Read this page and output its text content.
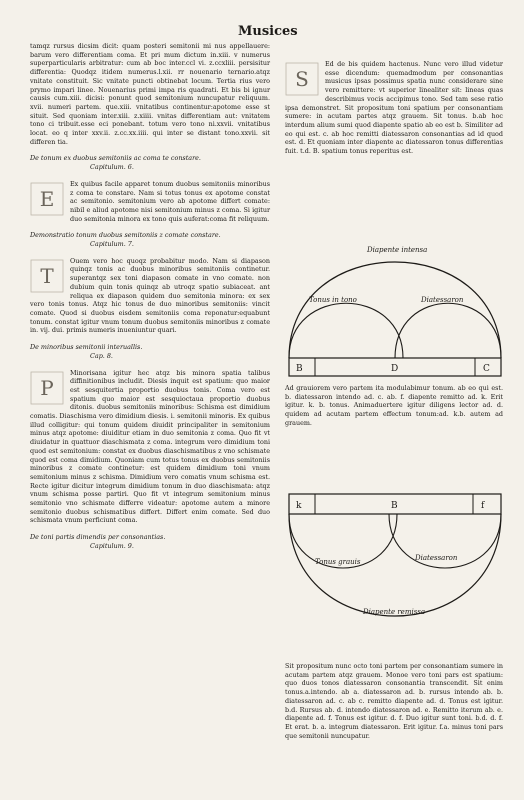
Musices

tamqz rursus dicsim dicit: quam posteri semitonii mi nus appellauere: barum vero differentiam coma. Et pri mum dictum in.xiii. v numerus superparticularis arbitratur: cum ab boc inter.ccl vi. z.ccxliii. persisitur differentia: Quodqz itidem numerus.l.xii. rr nouenario ternario.atqz vnitate constituit. Sic vnitate puncti obtinebat locum. Tertia rius vero prymo impari linee. Nouenarius primi impa ris quadrati. Et bis bi ignur causis cum.xiii. dicisi: ponunt quod semitonium nuncupatur reliquum. xvii. numeri partem. que.xiii. vnitatibus continentur:apotome esse st situit. Sed quoniam inter.xiii. z.xiiii. vnitas differentiam aut: vnitatem tono ci tribuit.esse eci ponebant. totum vero tono ni.xxvii. vnitatibus locat. eo q inter xxv.ii. z.cc.xx.iiii. qui inter se distant tono.xxvii. sit differen tia.

De tonum ex duobus semitoniis ac coma te constare.

Capitulum. 6.

E

Ex quibus facile apparet tonum duobus semitoniis minoribus z coma te constare. Nam si totus tonus ex apotome constat ac semitonio. semitonium vero ab apotome differt comate: nibil e aliud apotome nisi semitonium minus z coma. Si igitur duo semitonia minora ex tono quis auferat:coma fit reliquum.

Demonstratio tonum duobus semitoniis z comate constare.

Capitulum. 7.

T

Ouem vero hoc quoqz probabitur modo. Nam si diapason quinqz tonis ac duobus minoribus semitoniis continetur. superantqz sex toni diapason comate in vno comate. non dubium quin tonis quinqz ab utroqz spatio subiaceat. ant reliqua ex diapason quidem duo semitonia minora: ex sex vero tonis tonus. Atqz hic tonus de duo minoribus semitoniis: vincit comate. Quod si duobus eisdem semitoniis coma reponatur:equabunt tonum. constat igitur vnum tonum duobus semitoniis minoribus z comate in. vij. dui. primis numeris inueniuntur quari.

De minoribus semitonii interuallis.

Cap. 8.

P

Minorisana igitur hec atqz bis minora spatia talibus diffinitionibus includit. Diesis inquit est spatium: quo maior est sesquitertia proportio duobus tonis. Coma vero est spatium quo maior est sesquioctaua proportio duobus ditonis. duobus semitoniis minoribus: Schisma est dimidium comatis. Diaschisma vero dimidium diesis. i. semitonii minoris. Ex quibus illud colligitur: qui tonum quidem diuidit principaliter in semitonium minus atqz apotome: diuiditur etiam in duo semitonia z coma. Quo fit vt diuidatur in quattuor diaschismata z coma. integrum vero dimidium toni quod est semitonium: constat ex duobus diaschismatibus z vno schismate quod est coma dimidium. Quoniam cum totus tonus ex duobus semitoniis minoribus z comate continetur: est quidem dimidium toni vnum semitonium minus z schisma. Dimidium vero comatis vnum schisma est. Recte igitur dicitur integrum dimidium tonum in duo diaschismata: atqz vnum schisma posse partiri. Quo fit vt integrum semitonium minus semitonio vno schismate differre videatur: apotome autem a minore semitonio duobus schismatibus differt. Differt enim comate. Sed duo schismata vnum perficiunt coma.

De toni partis dimendis per consonantias.

Capitulum. 9.

S

Ed de bis quidem hactenus. Nunc vero illud videtur esse dicendum: quemadmodum per consonantias musicus ipsas possimus spatia nunc considerare sine vero remittere: vt superior linealiter sit: lineas quas describimus vocis accipimus tono. Sed tam sese ratio ipsa demonstret. Sit propositum toni spatium per consonantiam sumere: in acutam partes atqz grauem. Sit tonus. b.ab hoc interdum alium sumi quod diapente spatio ab eo est b. Similiter ad eo qui est. c. ab hoc remitti diatessaron consonantias ad id quod est. d. Et quoniam inter diapente ac diatessaron tonus differentias fuit. t.d. B. spatium tonus reperitus est.

Diapente intensa
Tonus in tono	Diatessaron
B	D	C

Ad grauiorem vero partem ita modulabimur tonum. ab eo qui est. b. diatessaron intendo ad. c. ab. f. diapente remitto ad. k. Erit igitur. k. b. tonus. Animaduertere igitur diligens lector ad. d. quidem ad acutam partem effectum tonum:ad. k.b. autem ad grauem.

k	B	f
Tonus grauis	Diatessaron
Diapente remissa

Sit propositum nunc octo toni partem per consonantiam sumere in acutam partem atqz grauem. Monoe vero toni pars est spatium: quo duos tonos diatessaron consonantia transcendit. Sit enim tonus.a.intendo. ab a. diatessaron ad. b. rursus intendo ab. b. diatessaron ad. c. ab c. remitto diapente ad. d. Tonus est igitur. b.d. Rursus ab. d. intendo diatessaron ad. e. Remitto iterum ab. e. diapente ad. f. Tonus est igitur. d. f. Duo igitur sunt toni. b.d. d. f. Et erat. b. a. integrum diatessaron. Erit igitur. f.a. minus toni pars que semitonii nuncupatur.
